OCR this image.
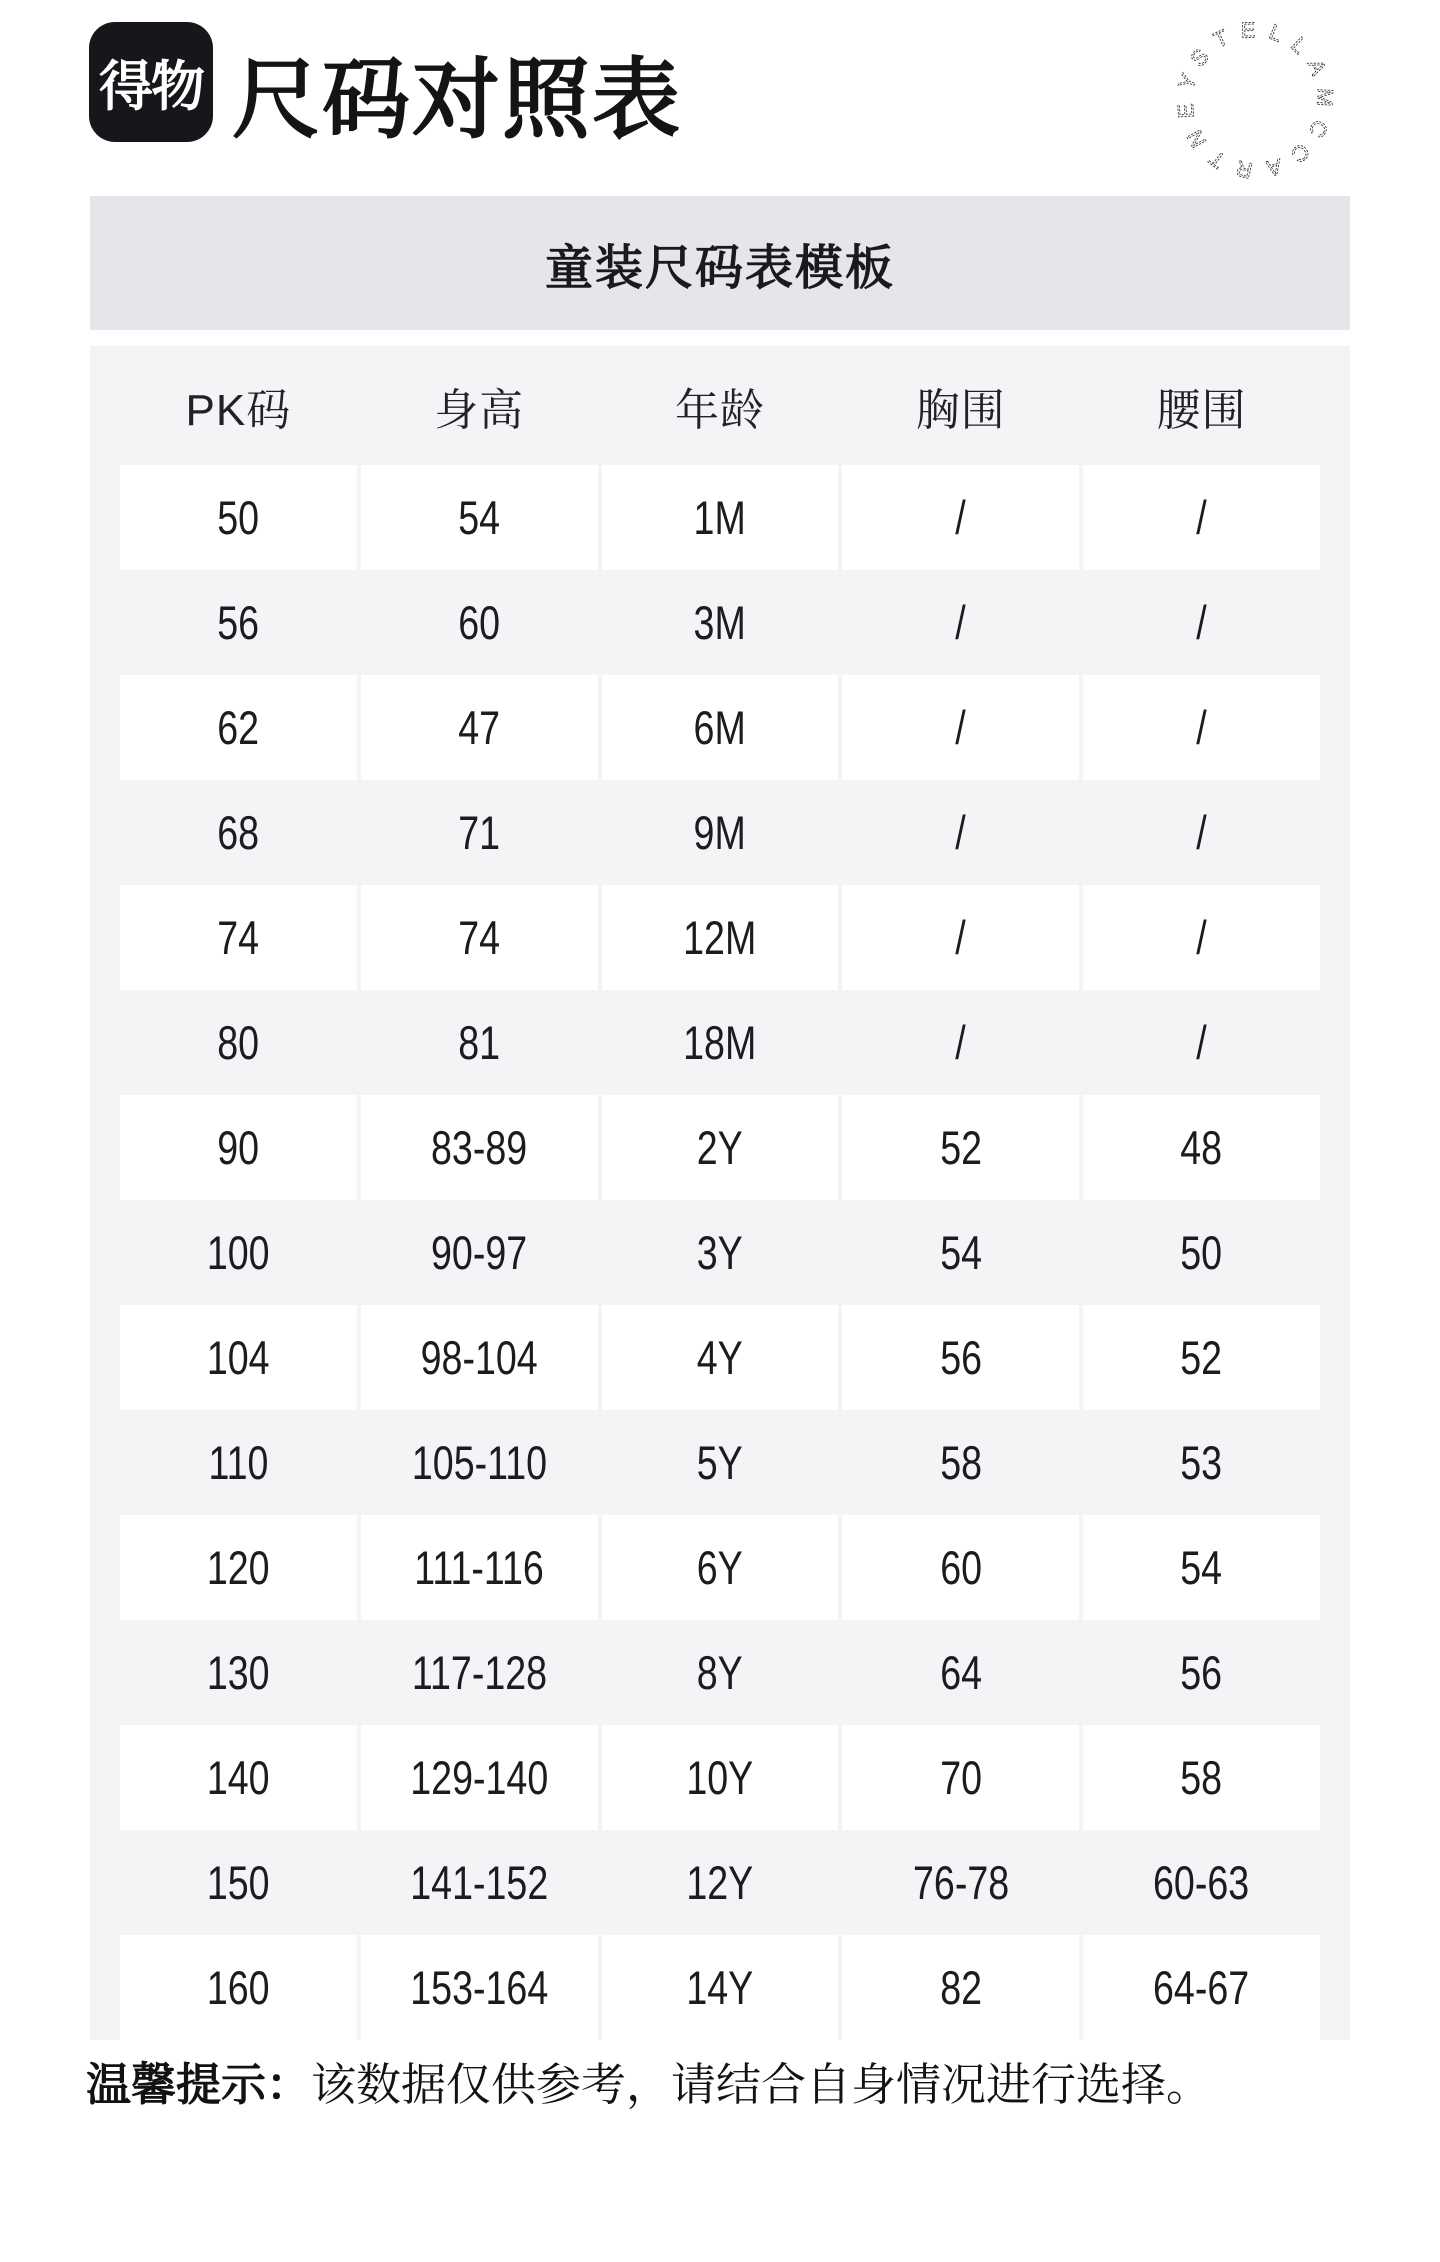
得物 尺码对照表	STELLAMCCARTNEY
童装尺码表模板
PK码	身高	年龄	胸围	腰围
50	54	1M	/	/
56	60	3M	/	/
62	47	6M	/	/
68	71	9M	/	/
74	74	12M	/	/
80	81	18M	/	/
90	83-89	2Y	52	48
100	90-97	3Y	54	50
104	98-104	4Y	56	52
110	105-110	5Y	58	53
120	111-116	6Y	60	54
130	117-128	8Y	64	56
140	129-140	10Y	70	58
150	141-152	12Y	76-78	60-63
160	153-164	14Y	82	64-67
温馨提示：该数据仅供参考，请结合自身情况进行选择。
